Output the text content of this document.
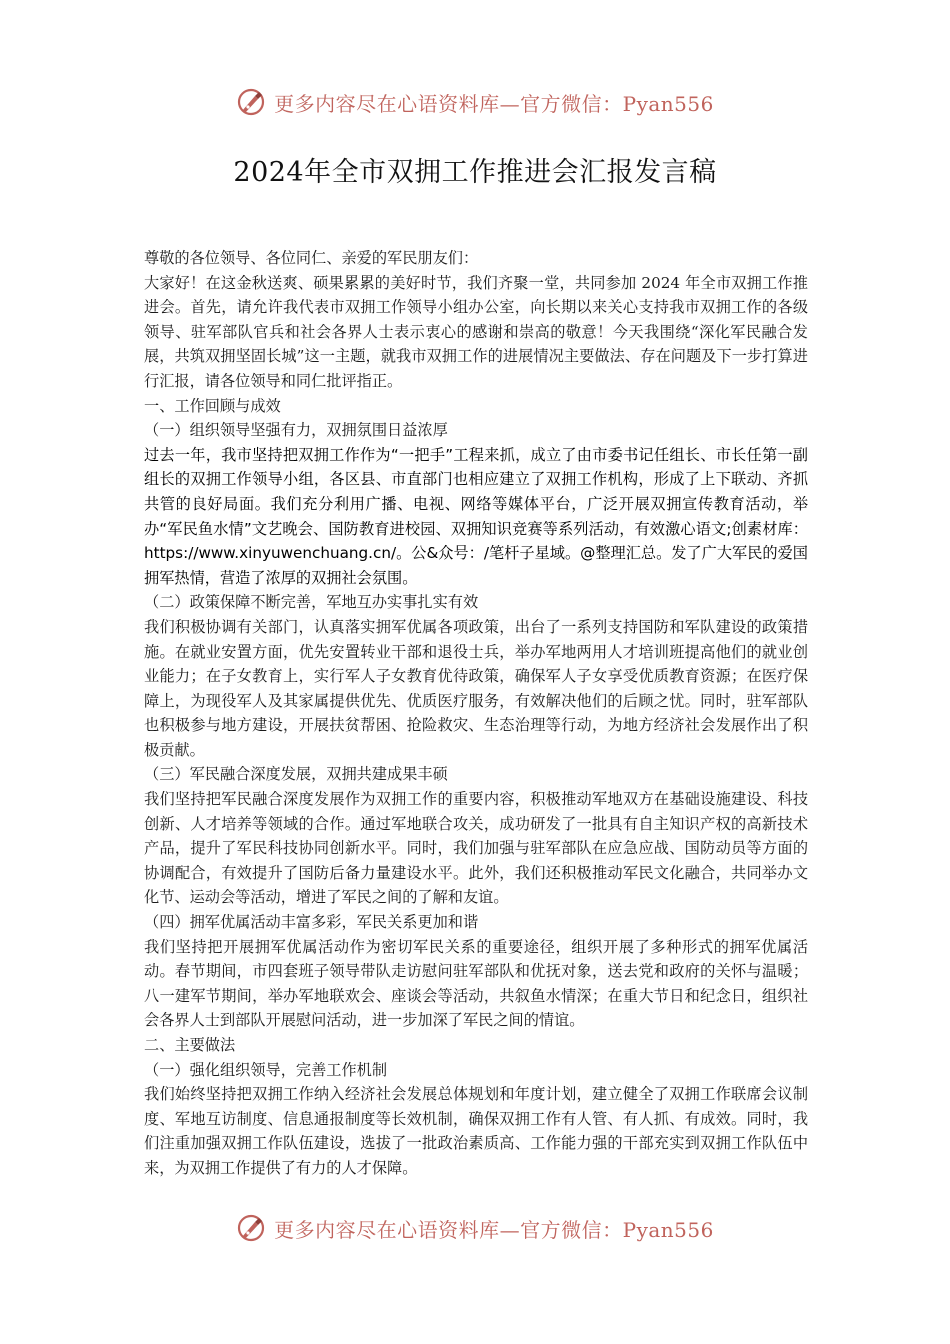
更多内容尽在心语资料库—官方微信：Pyan556
2024年全市双拥工作推进会汇报发言稿

尊敬的各位领导、各位同仁、亲爱的军民朋友们：

大家好！在这金秋送爽、硕果累累的美好时节，我们齐聚一堂，共同参加 2024 年全市双拥工作推进会。首先，请允许我代表市双拥工作领导小组办公室，向长期以来关心支持我市双拥工作的各级领导、驻军部队官兵和社会各界人士表示衷心的感谢和崇高的敬意！今天我围绕“深化军民融合发展，共筑双拥坚固长城”这一主题，就我市双拥工作的进展情况主要做法、存在问题及下一步打算进行汇报，请各位领导和同仁批评指正。

一、工作回顾与成效

（一）组织领导坚强有力，双拥氛围日益浓厚

过去一年，我市坚持把双拥工作作为“一把手”工程来抓，成立了由市委书记任组长、市长任第一副组长的双拥工作领导小组，各区县、市直部门也相应建立了双拥工作机构，形成了上下联动、齐抓共管的良好局面。我们充分利用广播、电视、网络等媒体平台，广泛开展双拥宣传教育活动，举办“军民鱼水情”文艺晚会、国防教育进校园、双拥知识竞赛等系列活动，有效激心语文;创素材库：https://www.xinyuwenchuang.cn/。公&众号：/笔杆子星域。@整理汇总。发了广大军民的爱国拥军热情，营造了浓厚的双拥社会氛围。

（二）政策保障不断完善，军地互办实事扎实有效

我们积极协调有关部门，认真落实拥军优属各项政策，出台了一系列支持国防和军队建设的政策措施。在就业安置方面，优先安置转业干部和退役士兵，举办军地两用人才培训班提高他们的就业创业能力；在子女教育上，实行军人子女教育优待政策，确保军人子女享受优质教育资源；在医疗保障上，为现役军人及其家属提供优先、优质医疗服务，有效解决他们的后顾之忧。同时，驻军部队也积极参与地方建设，开展扶贫帮困、抢险救灾、生态治理等行动，为地方经济社会发展作出了积极贡献。

（三）军民融合深度发展，双拥共建成果丰硕

我们坚持把军民融合深度发展作为双拥工作的重要内容，积极推动军地双方在基础设施建设、科技创新、人才培养等领域的合作。通过军地联合攻关，成功研发了一批具有自主知识产权的高新技术产品，提升了军民科技协同创新水平。同时，我们加强与驻军部队在应急应战、国防动员等方面的协调配合，有效提升了国防后备力量建设水平。此外，我们还积极推动军民文化融合，共同举办文化节、运动会等活动，增进了军民之间的了解和友谊。

（四）拥军优属活动丰富多彩，军民关系更加和谐

我们坚持把开展拥军优属活动作为密切军民关系的重要途径，组织开展了多种形式的拥军优属活动。春节期间，市四套班子领导带队走访慰问驻军部队和优抚对象，送去党和政府的关怀与温暖；八一建军节期间，举办军地联欢会、座谈会等活动，共叙鱼水情深；在重大节日和纪念日，组织社会各界人士到部队开展慰问活动，进一步加深了军民之间的情谊。

二、主要做法

（一）强化组织领导，完善工作机制

我们始终坚持把双拥工作纳入经济社会发展总体规划和年度计划，建立健全了双拥工作联席会议制度、军地互访制度、信息通报制度等长效机制，确保双拥工作有人管、有人抓、有成效。同时，我们注重加强双拥工作队伍建设，选拔了一批政治素质高、工作能力强的干部充实到双拥工作队伍中来，为双拥工作提供了有力的人才保障。

更多内容尽在心语资料库—官方微信：Pyan556
